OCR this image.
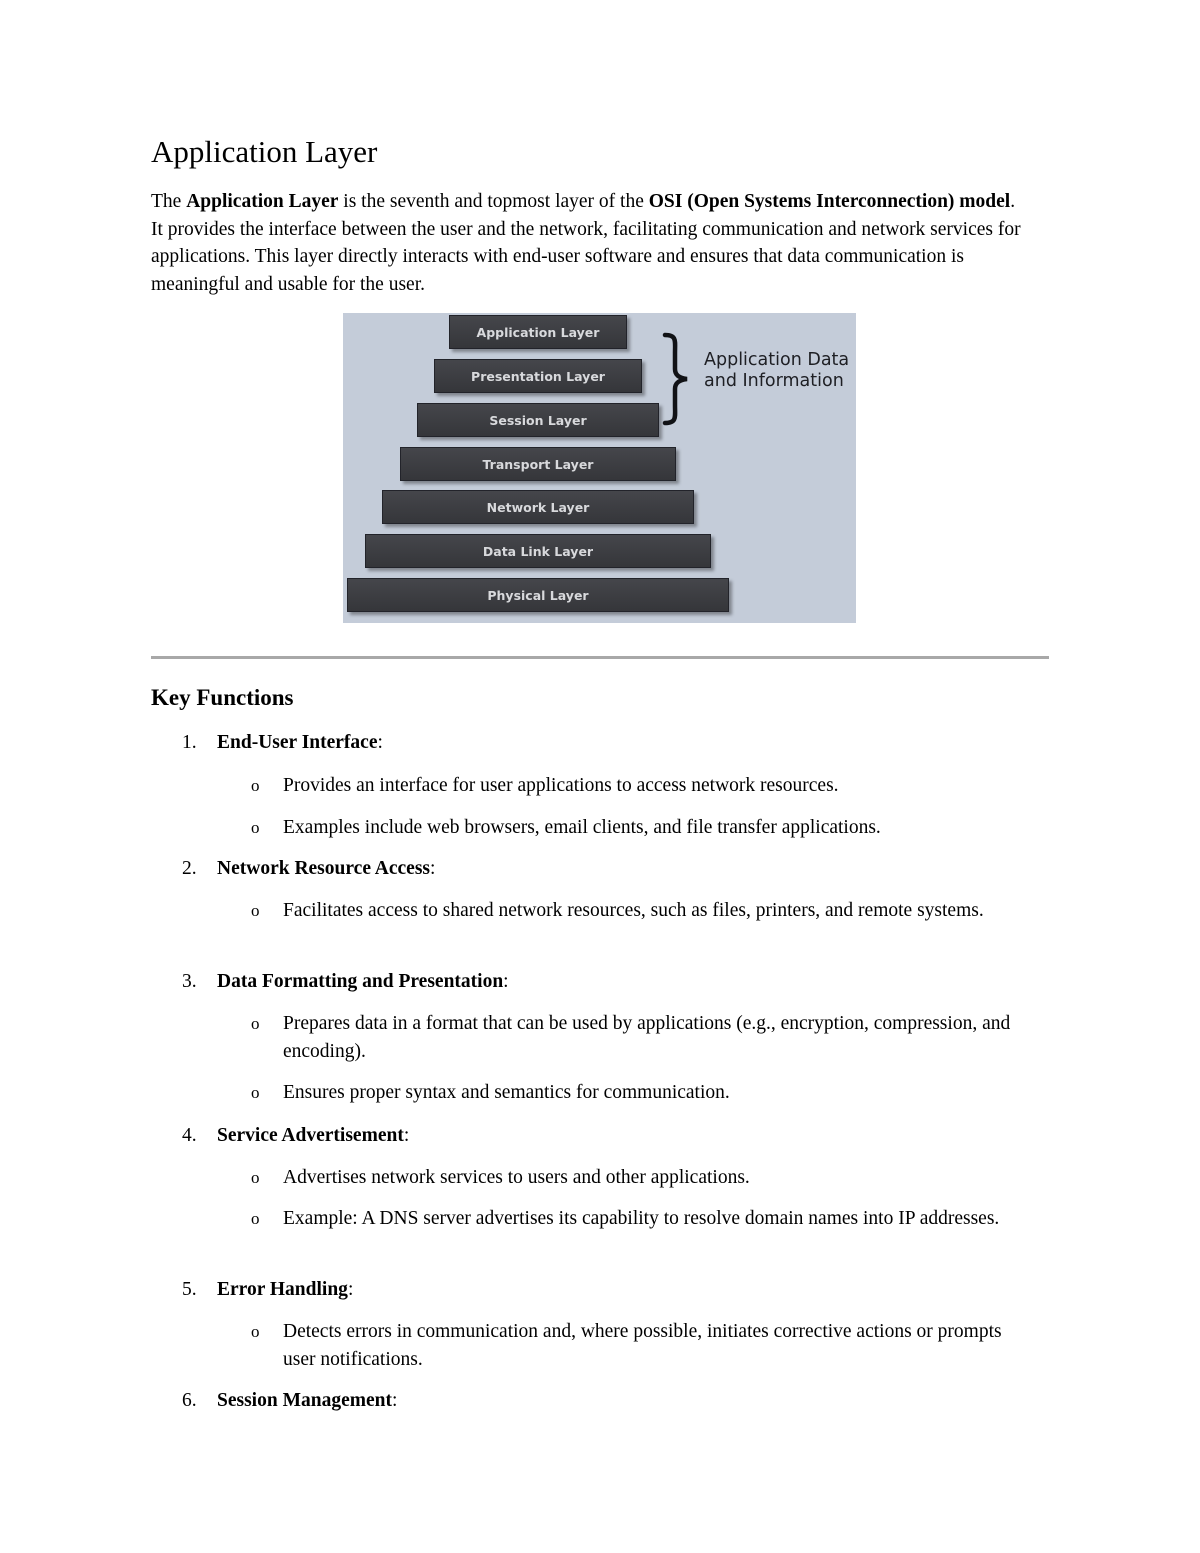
Application Layer

The Application Layer is the seventh and topmost layer of the OSI (Open Systems Interconnection) model. It provides the interface between the user and the network, facilitating communication and network services for applications. This layer directly interacts with end-user software and ensures that data communication is meaningful and usable for the user.

Application Layer
Presentation Layer
Session Layer
Transport Layer
Network Layer
Data Link Layer
Physical Layer
Application Data
and Information
Key Functions
1. End-User Interface:
o Provides an interface for user applications to access network resources.
o Examples include web browsers, email clients, and file transfer applications.
2. Network Resource Access:
o Facilitates access to shared network resources, such as files, printers, and remote systems.
3. Data Formatting and Presentation:
o Prepares data in a format that can be used by applications (e.g., encryption, compression, and encoding).
o Ensures proper syntax and semantics for communication.
4. Service Advertisement:
o Advertises network services to users and other applications.
o Example: A DNS server advertises its capability to resolve domain names into IP addresses.
5. Error Handling:
o Detects errors in communication and, where possible, initiates corrective actions or prompts user notifications.
6. Session Management:
